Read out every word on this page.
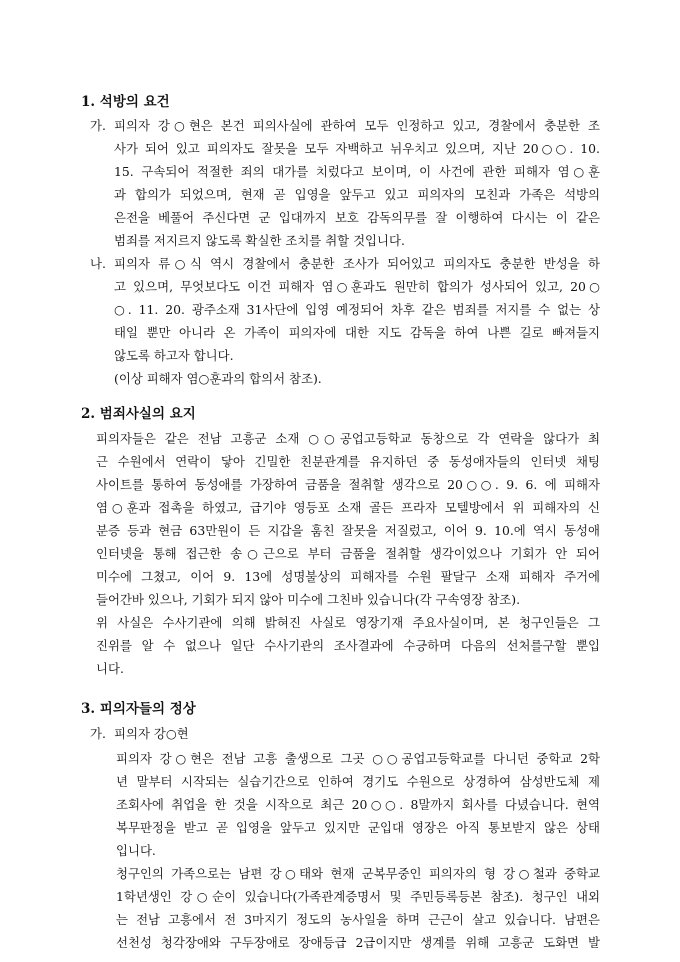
1. 석방의 요건
가. 피의자 강○현은 본건 피의사실에 관하여 모두 인정하고 있고, 경찰에서 충분한 조
사가 되어 있고 피의자도 잘못을 모두 자백하고 뉘우치고 있으며, 지난 20○○. 10.
15. 구속되어 적절한 죄의 대가를 치렀다고 보이며, 이 사건에 관한 피해자 염○훈
과 합의가 되었으며, 현재 곧 입영을 앞두고 있고 피의자의 모친과 가족은 석방의
은전을 베풀어 주신다면 군 입대까지 보호 감독의무를 잘 이행하여 다시는 이 같은
범죄를 저지르지 않도록 확실한 조치를 취할 것입니다.
나. 피의자 류○식 역시 경찰에서 충분한 조사가 되어있고 피의자도 충분한 반성을 하
고 있으며, 무엇보다도 이건 피해자 염○훈과도 원만히 합의가 성사되어 있고, 20○
○. 11. 20. 광주소재 31사단에 입영 예정되어 차후 같은 범죄를 저지를 수 없는 상
태일 뿐만 아니라 온 가족이 피의자에 대한 지도 감독을 하여 나쁜 길로 빠져들지
않도록 하고자 합니다.
(이상 피해자 염○훈과의 합의서 참조).
2. 범죄사실의 요지
피의자들은 같은 전남 고흥군 소재 ○○공업고등학교 동창으로 각 연락을 않다가 최
근 수원에서 연락이 닿아 긴밀한 친분관계를 유지하던 중 동성애자들의 인터넷 채팅
사이트를 통하여 동성애를 가장하여 금품을 절취할 생각으로 20○○. 9. 6. 에 피해자
염○훈과 접촉을 하였고, 급기야 영등포 소재 골든 프라자 모텔방에서 위 피해자의 신
분증 등과 현금 63만원이 든 지갑을 훔친 잘못을 저질렀고, 이어 9. 10.에 역시 동성애
인터넷을 통해 접근한 송○근으로 부터 금품을 절취할 생각이었으나 기회가 안 되어
미수에 그쳤고, 이어 9. 13에 성명불상의 피해자를 수원 팔달구 소재 피해자 주거에
들어간바 있으나, 기회가 되지 않아 미수에 그친바 있습니다(각 구속영장 참조).
위 사실은 수사기관에 의해 밝혀진 사실로 영장기재 주요사실이며, 본 청구인들은 그
진위를 알 수 없으나 일단 수사기관의 조사결과에 수긍하며 다음의 선처를구할 뿐입
니다.
3. 피의자들의 정상
가. 피의자 강○현
피의자 강○현은 전남 고흥 출생으로 그곳 ○○공업고등학교를 다니던 중학교 2학
년 말부터 시작되는 실습기간으로 인하여 경기도 수원으로 상경하여 삼성반도체 제
조회사에 취업을 한 것을 시작으로 최근 20○○. 8말까지 회사를 다녔습니다. 현역
복무판정을 받고 곧 입영을 앞두고 있지만 군입대 영장은 아직 통보받지 않은 상태
입니다.
청구인의 가족으로는 남편 강○태와 현재 군복무중인 피의자의 형 강○철과 중학교
1학년생인 강○순이 있습니다(가족관계증명서 및 주민등록등본 참조). 청구인 내외
는 전남 고흥에서 전 3마지기 정도의 농사일을 하며 근근이 살고 있습니다. 남편은
선천성 청각장애와 구두장애로 장애등급 2급이지만 생계를 위해 고흥군 도화면 발
